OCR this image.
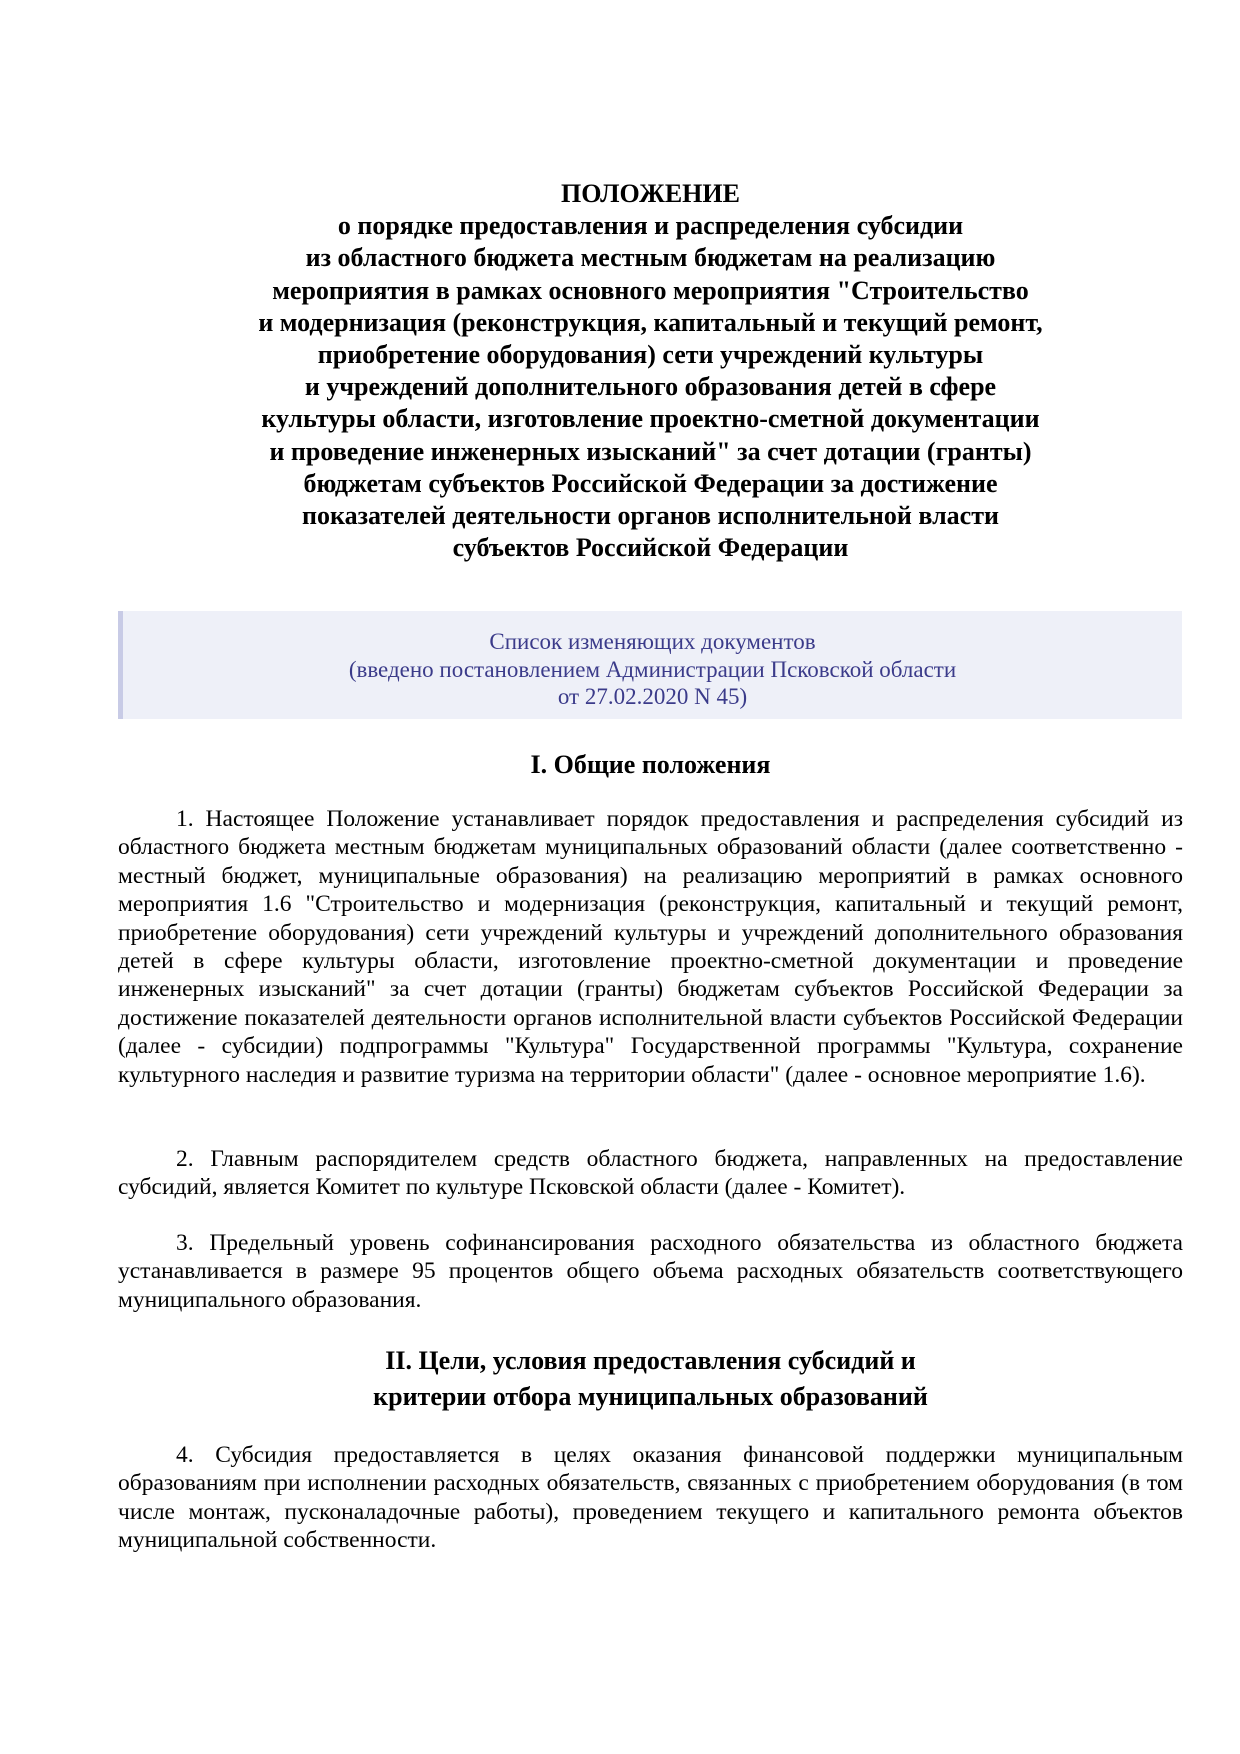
ПОЛОЖЕНИЕ
о порядке предоставления и распределения субсидии
из областного бюджета местным бюджетам на реализацию
мероприятия в рамках основного мероприятия "Строительство
и модернизация (реконструкция, капитальный и текущий ремонт,
приобретение оборудования) сети учреждений культуры
и учреждений дополнительного образования детей в сфере
культуры области, изготовление проектно-сметной документации
и проведение инженерных изысканий" за счет дотации (гранты)
бюджетам субъектов Российской Федерации за достижение
показателей деятельности органов исполнительной власти
субъектов Российской Федерации
Список изменяющих документов
(введено постановлением Администрации Псковской области
от 27.02.2020 N 45)
I. Общие положения

1. Настоящее Положение устанавливает порядок предоставления и распределения субсидий из областного бюджета местным бюджетам муниципальных образований области (далее соответственно - местный бюджет, муниципальные образования) на реализацию мероприятий в рамках основного мероприятия 1.6 "Строительство и модернизация (реконструкция, капитальный и текущий ремонт, приобретение оборудования) сети учреждений культуры и учреждений дополнительного образования детей в сфере культуры области, изготовление проектно-сметной документации и проведение инженерных изысканий" за счет дотации (гранты) бюджетам субъектов Российской Федерации за достижение показателей деятельности органов исполнительной власти субъектов Российской Федерации (далее - субсидии) подпрограммы "Культура" Государственной программы "Культура, сохранение культурного наследия и развитие туризма на территории области" (далее - основное мероприятие 1.6).

2. Главным распорядителем средств областного бюджета, направленных на предоставление субсидий, является Комитет по культуре Псковской области (далее - Комитет).

3. Предельный уровень софинансирования расходного обязательства из областного бюджета устанавливается в размере 95 процентов общего объема расходных обязательств соответствующего муниципального образования.

II. Цели, условия предоставления субсидий и
критерии отбора муниципальных образований

4. Субсидия предоставляется в целях оказания финансовой поддержки муниципальным образованиям при исполнении расходных обязательств, связанных с приобретением оборудования (в том числе монтаж, пусконаладочные работы), проведением текущего и капитального ремонта объектов муниципальной собственности.
